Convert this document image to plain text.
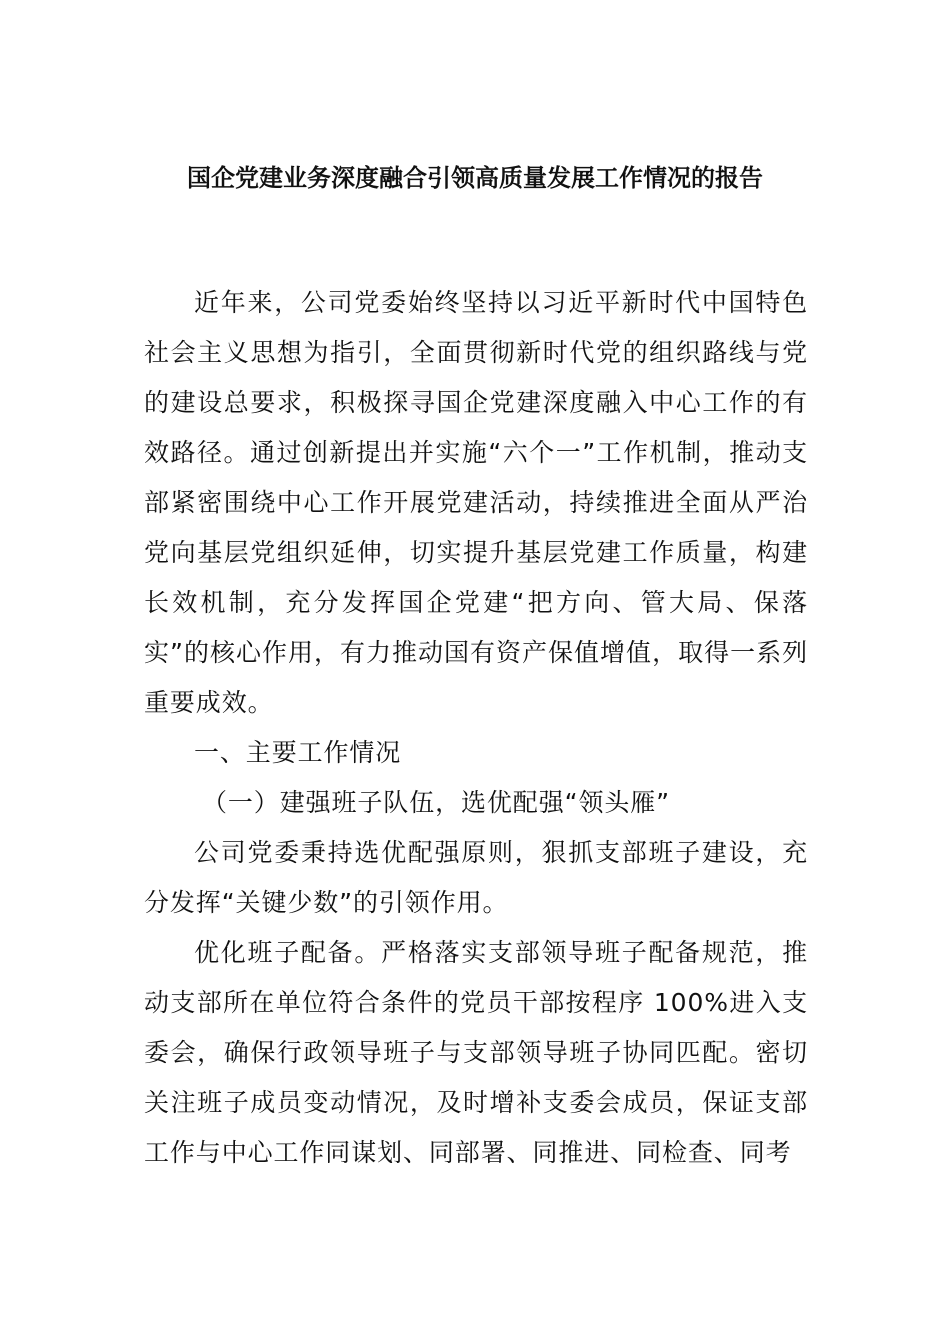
国企党建业务深度融合引领高质量发展工作情况的报告

近年来，公司党委始终坚持以习近平新时代中国特色社会主义思想为指引，全面贯彻新时代党的组织路线与党的建设总要求，积极探寻国企党建深度融入中心工作的有效路径。通过创新提出并实施“六个一”工作机制，推动支部紧密围绕中心工作开展党建活动，持续推进全面从严治党向基层党组织延伸，切实提升基层党建工作质量，构建长效机制，充分发挥国企党建“把方向、管大局、保落实”的核心作用，有力推动国有资产保值增值，取得一系列重要成效。

一、主要工作情况

（一）建强班子队伍，选优配强“领头雁”

公司党委秉持选优配强原则，狠抓支部班子建设，充分发挥“关键少数”的引领作用。

优化班子配备。严格落实支部领导班子配备规范，推动支部所在单位符合条件的党员干部按程序 100%进入支委会，确保行政领导班子与支部领导班子协同匹配。密切关注班子成员变动情况，及时增补支委会成员，保证支部工作与中心工作同谋划、同部署、同推进、同检查、同考
